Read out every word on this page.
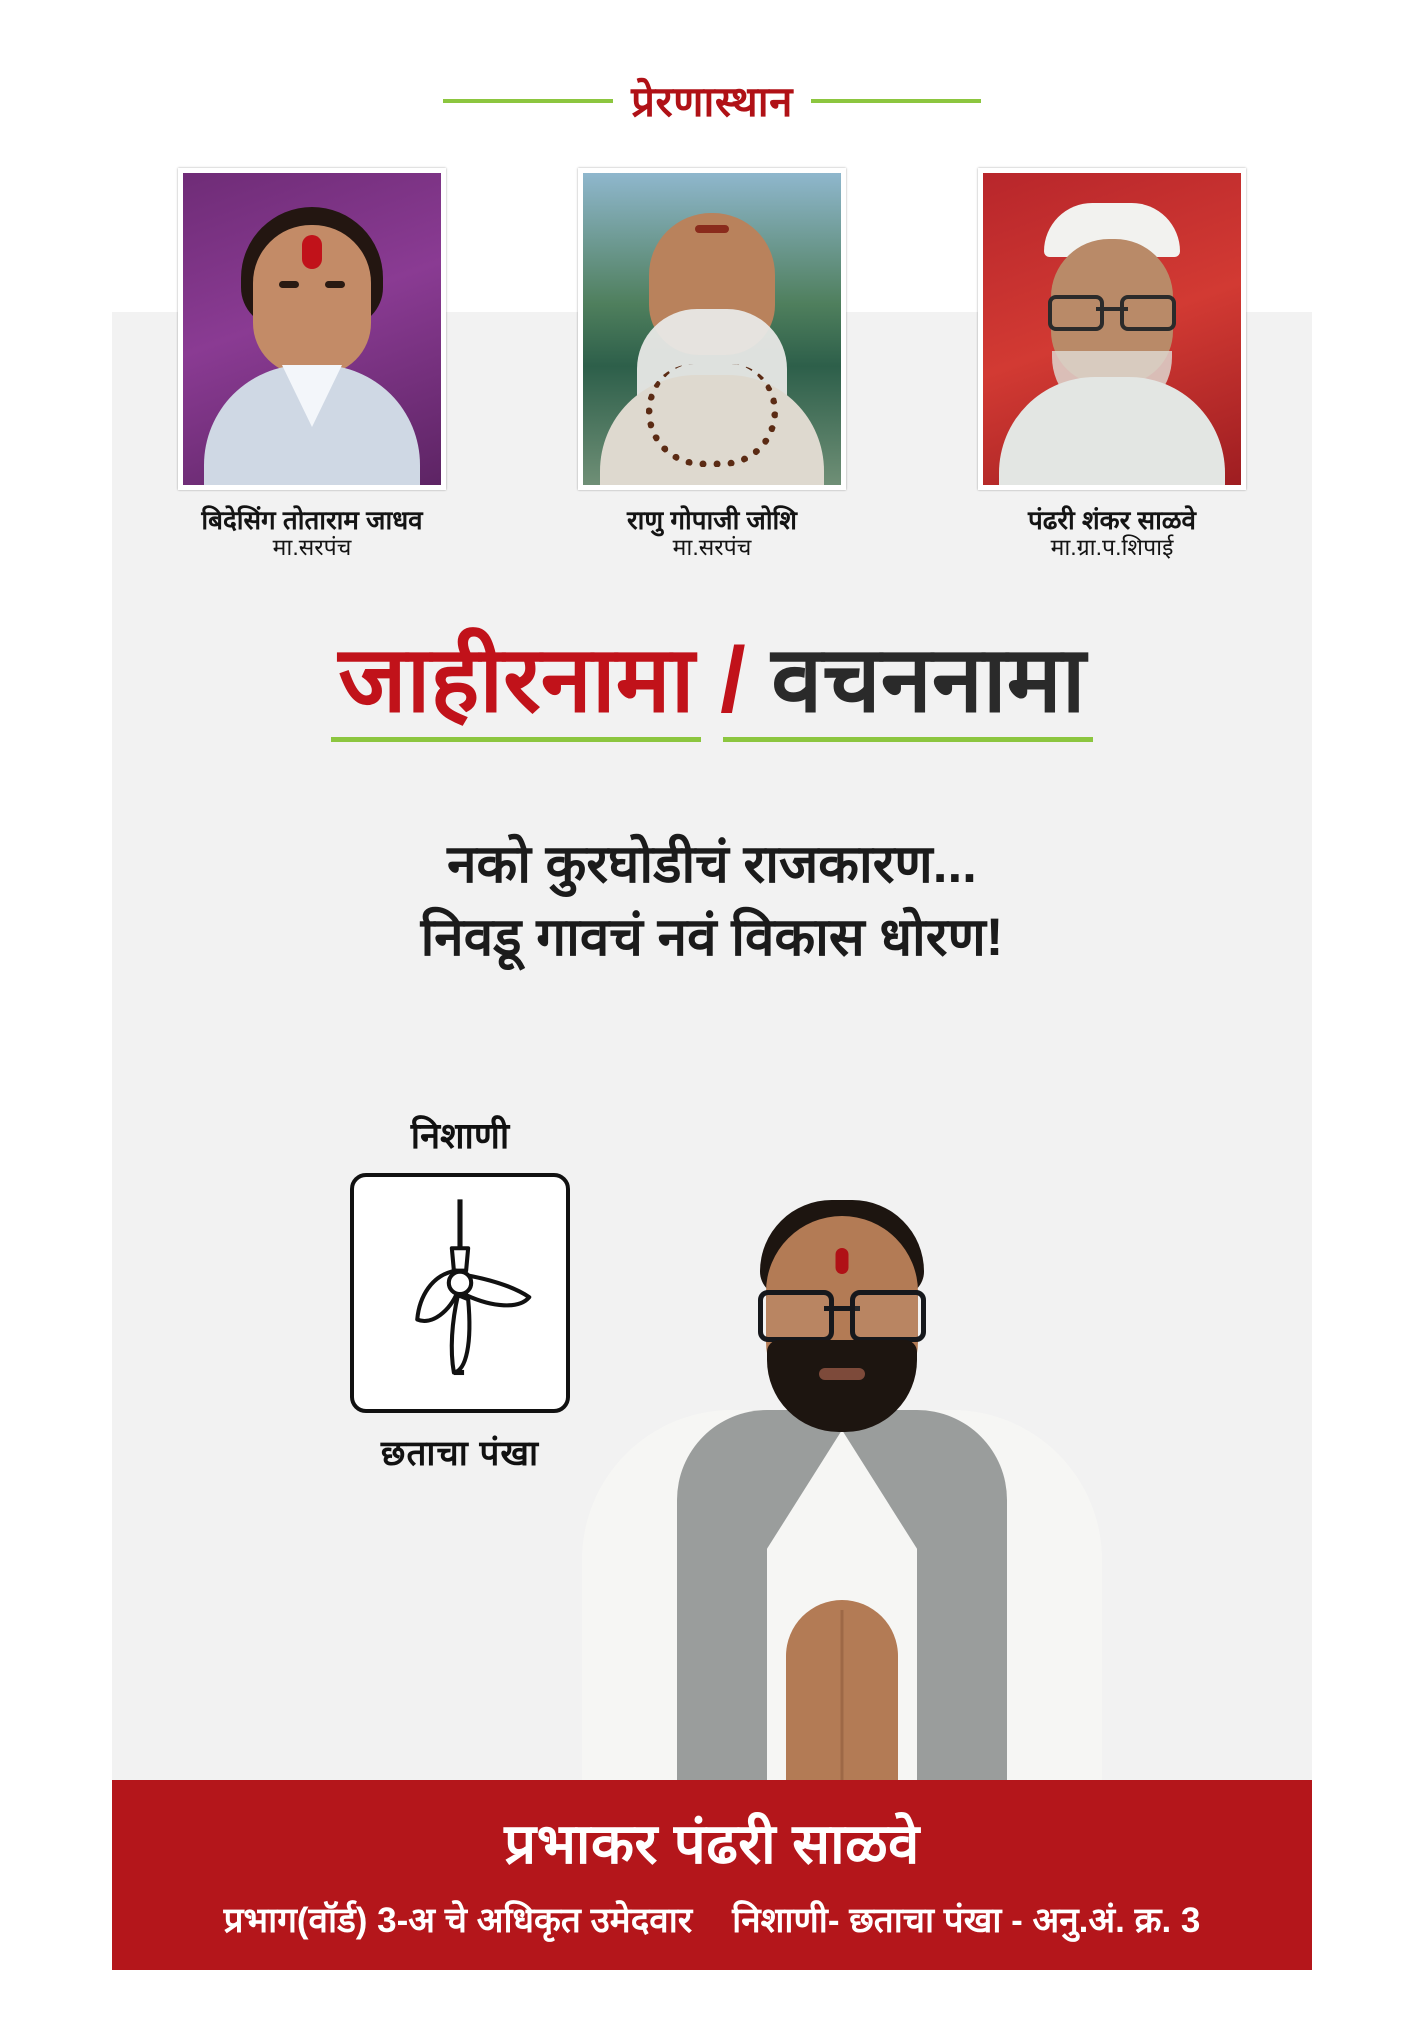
प्रेरणास्थान
बिदेसिंग तोताराम जाधव
मा.सरपंच
राणु गोपाजी जोशि
मा.सरपंच
पंढरी शंकर साळवे
मा.ग्रा.प.शिपाई
जाहीरनामा / वचननामा
नको कुरघोडीचं राजकारण...
निवडू गावचं नवं विकास धोरण!
निशाणी
छताचा पंखा
प्रभाकर पंढरी साळवे
प्रभाग(वॉर्ड) 3-अ चे अधिकृत उमेदवार निशाणी- छताचा पंखा - अनु.अं. क्र. 3
